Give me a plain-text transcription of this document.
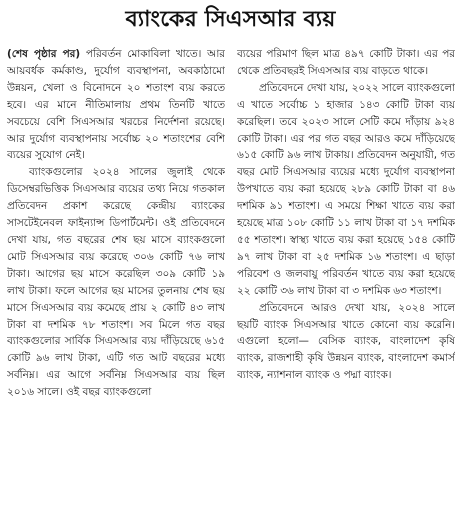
ব্যাংকের সিএসআর ব্যয়

(শেষ পৃষ্ঠার পর) পরিবর্তন মোকাবিলা খাতে। আর আয়বর্ধক কর্মকাণ্ড, দুর্যোগ ব্যবস্থাপনা, অবকাঠামো উন্নয়ন, খেলা ও বিনোদনে ২০ শতাংশ ব্যয় করতে হবে। এর মানে নীতিমালায় প্রথম তিনটি খাতে সবচেয়ে বেশি সিএসআর খরচের নির্দেশনা রয়েছে। আর দুর্যোগ ব্যবস্থাপনায় সর্বোচ্চ ২০ শতাংশের বেশি ব্যয়ের সুযোগ নেই।

ব্যাংকগুলোর ২০২৪ সালের জুলাই থেকে ডিসেম্বরভিত্তিক সিএসআর ব্যয়ের তথ্য নিয়ে গতকাল প্রতিবেদন প্রকাশ করেছে কেন্দ্রীয় ব্যাংকের সাসটেইনেবল ফাইন্যান্স ডিপার্টমেন্ট। ওই প্রতিবেদনে দেখা যায়, গত বছরের শেষ ছয় মাসে ব্যাংকগুলো মোট সিএসআর ব্যয় করেছে ৩০৬ কোটি ৭৬ লাখ টাকা। আগের ছয় মাসে করেছিল ৩০৯ কোটি ১৯ লাখ টাকা। ফলে আগের ছয় মাসের তুলনায় শেষ ছয় মাসে সিএসআর ব্যয় কমেছে প্রায় ২ কোটি ৪৩ লাখ টাকা বা দশমিক ৭৮ শতাংশ। সব মিলে গত বছর ব্যাংকগুলোর সার্বিক সিএসআর ব্যয় দাঁড়িয়েছে ৬১৫ কোটি ৯৬ লাখ টাকা, এটি গত আট বছরের মধ্যে সর্বনিম্ন। এর আগে সর্বনিম্ন সিএসআর ব্যয় ছিল ২০১৬ সালে। ওই বছর ব্যাংকগুলো

ব্যয়ের পরিমাণ ছিল মাত্র ৪৯৭ কোটি টাকা। এর পর থেকে প্রতিবছরই সিএসআর ব্যয় বাড়তে থাকে।

প্রতিবেদনে দেখা যায়, ২০২২ সালে ব্যাংকগুলো এ খাতে সর্বোচ্চ ১ হাজার ১৪৩ কোটি টাকা ব্যয় করেছিল। তবে ২০২৩ সালে সেটি কমে দাঁড়ায় ৯২৪ কোটি টাকা। এর পর গত বছর আরও কমে দাঁড়িয়েছে ৬১৫ কোটি ৯৬ লাখ টাকায়। প্রতিবেদন অনুযায়ী, গত বছর মোট সিএসআর ব্যয়ের মধ্যে দুর্যোগ ব্যবস্থাপনা উপখাতে ব্যয় করা হয়েছে ২৮৯ কোটি টাকা বা ৪৬ দশমিক ৯১ শতাংশ। এ সময়ে শিক্ষা খাতে ব্যয় করা হয়েছে মাত্র ১০৮ কোটি ১১ লাখ টাকা বা ১৭ দশমিক ৫৫ শতাংশ। স্বাস্থ্য খাতে ব্যয় করা হয়েছে ১৫৪ কোটি ৯৭ লাখ টাকা বা ২৫ দশমিক ১৬ শতাংশ। এ ছাড়া পরিবেশ ও জলবায়ু পরিবর্তন খাতে ব্যয় করা হয়েছে ২২ কোটি ৩৬ লাখ টাকা বা ৩ দশমিক ৬৩ শতাংশ।

প্রতিবেদনে আরও দেখা যায়, ২০২৪ সালে ছয়টি ব্যাংক সিএসআর খাতে কোনো ব্যয় করেনি। এগুলো হলো— বেসিক ব্যাংক, বাংলাদেশ কৃষি ব্যাংক, রাজশাহী কৃষি উন্নয়ন ব্যাংক, বাংলাদেশ কমার্স ব্যাংক, ন্যাশনাল ব্যাংক ও পদ্মা ব্যাংক।
